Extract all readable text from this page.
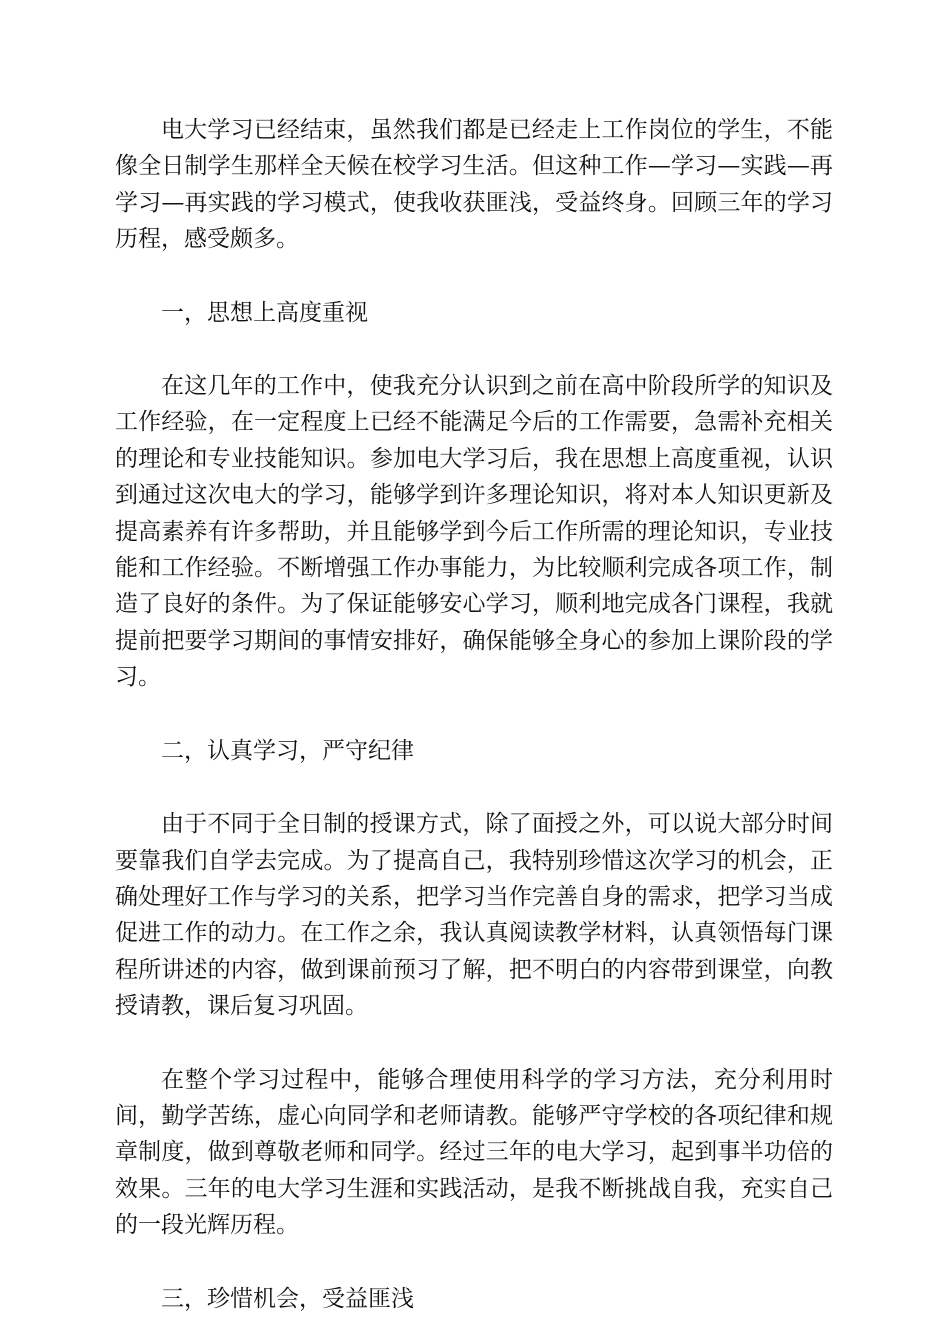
电大学习已经结束，虽然我们都是已经走上工作岗位的学生，不能像全日制学生那样全天候在校学习生活。但这种工作—学习—实践—再学习—再实践的学习模式，使我收获匪浅，受益终身。回顾三年的学习历程，感受颇多。

一，思想上高度重视

在这几年的工作中，使我充分认识到之前在高中阶段所学的知识及工作经验，在一定程度上已经不能满足今后的工作需要，急需补充相关的理论和专业技能知识。参加电大学习后，我在思想上高度重视，认识到通过这次电大的学习，能够学到许多理论知识，将对本人知识更新及提高素养有许多帮助，并且能够学到今后工作所需的理论知识，专业技能和工作经验。不断增强工作办事能力，为比较顺利完成各项工作，制造了良好的条件。为了保证能够安心学习，顺利地完成各门课程，我就提前把要学习期间的事情安排好，确保能够全身心的参加上课阶段的学习。

二，认真学习，严守纪律

由于不同于全日制的授课方式，除了面授之外，可以说大部分时间要靠我们自学去完成。为了提高自己，我特别珍惜这次学习的机会，正确处理好工作与学习的关系，把学习当作完善自身的需求，把学习当成促进工作的动力。在工作之余，我认真阅读教学材料，认真领悟每门课程所讲述的内容，做到课前预习了解，把不明白的内容带到课堂，向教授请教，课后复习巩固。

在整个学习过程中，能够合理使用科学的学习方法，充分利用时间，勤学苦练，虚心向同学和老师请教。能够严守学校的各项纪律和规章制度，做到尊敬老师和同学。经过三年的电大学习，起到事半功倍的效果。三年的电大学习生涯和实践活动，是我不断挑战自我，充实自己的一段光辉历程。

三，珍惜机会，受益匪浅
